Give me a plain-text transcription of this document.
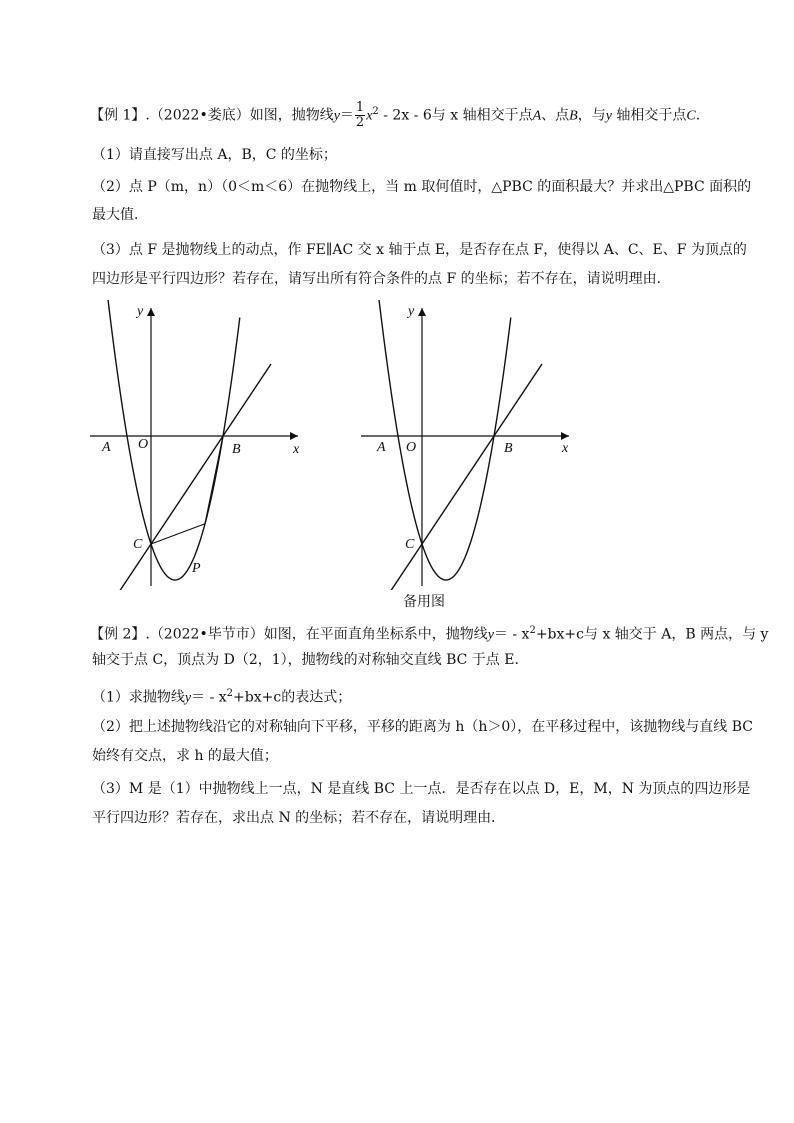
【例 1】.（2022•娄底）如图，抛物线$y= \frac{1}{2} x^2 - 2x - 6$与 x 轴相交于点A、点B，与y 轴相交于点C.
（1）请直接写出点 A，B，C 的坐标；
（2）点 P（m，n）（0＜m＜6）在抛物线上，当 m 取何值时，△PBC 的面积最大？并求出△PBC 面积的
最大值．
（3）点 F 是抛物线上的动点，作 FE∥AC 交 x 轴于点 E，是否存在点 F，使得以 A、C、E、F 为顶点的
四边形是平行四边形？若存在，请写出所有符合条件的点 F 的坐标；若不存在，请说明理由．
x
y
O
A	B
C
P
x
y
O
A	B
C
备用图
【例 2】.（2022•毕节市）如图，在平面直角坐标系中，抛物线$y= - x^2+bx+c$与 x 轴交于 A，B 两点，与 y
轴交于点 C，顶点为 D（2，1），抛物线的对称轴交直线 BC 于点 E．
（1）求抛物线$y= - x^2+bx+c$的表达式；
（2）把上述抛物线沿它的对称轴向下平移，平移的距离为 h（h＞0），在平移过程中，该抛物线与直线 BC
始终有交点，求 h 的最大值；
（3）M 是（1）中抛物线上一点，N 是直线 BC 上一点．是否存在以点 D，E，M，N 为顶点的四边形是
平行四边形？若存在，求出点 N 的坐标；若不存在，请说明理由．
